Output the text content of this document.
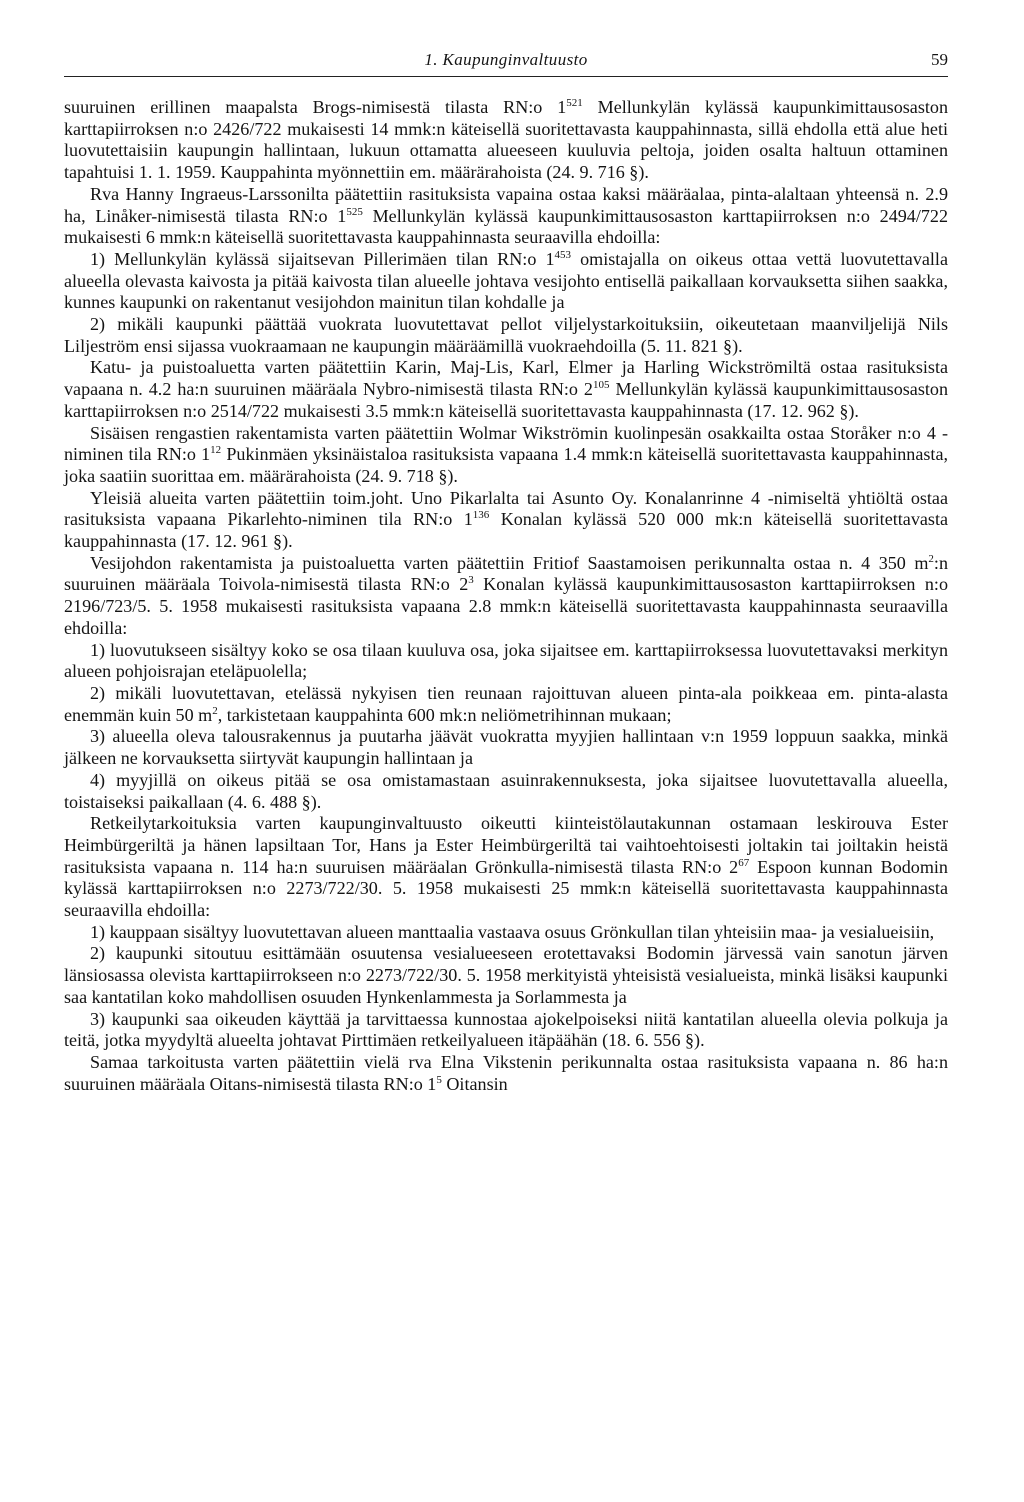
1. Kaupunginvaltuusto	59

suuruinen erillinen maapalsta Brogs-nimisestä tilasta RN:o $1^{521}$ Mellunkylän kylässä kaupunkimittausosaston karttapiirroksen n:o 2426/722 mukaisesti 14 mmk:n käteisellä suoritettavasta kauppahinnasta, sillä ehdolla että alue heti luovutettaisiin kaupungin hallintaan, lukuun ottamatta alueeseen kuuluvia peltoja, joiden osalta haltuun ottaminen tapahtuisi 1. 1. 1959. Kauppahinta myönnettiin em. määrärahoista (24. 9. 716 §).

Rva Hanny Ingraeus-Larssonilta päätettiin rasituksista vapaina ostaa kaksi määräalaa, pinta-alaltaan yhteensä n. 2.9 ha, Linåker-nimisestä tilasta RN:o $1^{525}$ Mellunkylän kylässä kaupunkimittausosaston karttapiirroksen n:o 2494/722 mukaisesti 6 mmk:n käteisellä suoritettavasta kauppahinnasta seuraavilla ehdoilla:

1) Mellunkylän kylässä sijaitsevan Pillerimäen tilan RN:o $1^{453}$ omistajalla on oikeus ottaa vettä luovutettavalla alueella olevasta kaivosta ja pitää kaivosta tilan alueelle johtava vesijohto entisellä paikallaan korvauksetta siihen saakka, kunnes kaupunki on rakentanut vesijohdon mainitun tilan kohdalle ja

2) mikäli kaupunki päättää vuokrata luovutettavat pellot viljelystarkoituksiin, oikeutetaan maanviljelijä Nils Liljeström ensi sijassa vuokraamaan ne kaupungin määräämillä vuokraehdoilla (5. 11. 821 §).

Katu- ja puistoaluetta varten päätettiin Karin, Maj-Lis, Karl, Elmer ja Harling Wickströmiltä ostaa rasituksista vapaana n. 4.2 ha:n suuruinen määräala Nybro-nimisestä tilasta RN:o $2^{105}$ Mellunkylän kylässä kaupunkimittausosaston karttapiirroksen n:o 2514/722 mukaisesti 3.5 mmk:n käteisellä suoritettavasta kauppahinnasta (17. 12. 962 §).

Sisäisen rengastien rakentamista varten päätettiin Wolmar Wikströmin kuolinpesän osakkailta ostaa Storåker n:o 4 -niminen tila RN:o $1^{12}$ Pukinmäen yksinäistaloa rasituksista vapaana 1.4 mmk:n käteisellä suoritettavasta kauppahinnasta, joka saatiin suorittaa em. määrärahoista (24. 9. 718 §).

Yleisiä alueita varten päätettiin toim.joht. Uno Pikarlalta tai Asunto Oy. Konalanrinne 4 -nimiseltä yhtiöltä ostaa rasituksista vapaana Pikarlehto-niminen tila RN:o $1^{136}$ Konalan kylässä 520 000 mk:n käteisellä suoritettavasta kauppahinnasta (17. 12. 961 §).

Vesijohdon rakentamista ja puistoaluetta varten päätettiin Fritiof Saastamoisen perikunnalta ostaa n. 4 350 $m^2:n$ suuruinen määräala Toivola-nimisestä tilasta RN:o $2^3$ Konalan kylässä kaupunkimittausosaston karttapiirroksen n:o 2196/723/5. 5. 1958 mukaisesti rasituksista vapaana 2.8 mmk:n käteisellä suoritettavasta kauppahinnasta seuraavilla ehdoilla:

1) luovutukseen sisältyy koko se osa tilaan kuuluva osa, joka sijaitsee em. karttapiirroksessa luovutettavaksi merkityn alueen pohjoisrajan eteläpuolella;

2) mikäli luovutettavan, etelässä nykyisen tien reunaan rajoittuvan alueen pinta-ala poikkeaa em. pinta-alasta enemmän kuin 50 $m^2$, tarkistetaan kauppahinta 600 mk:n neliömetrihinnan mukaan;

3) alueella oleva talousrakennus ja puutarha jäävät vuokratta myyjien hallintaan v:n 1959 loppuun saakka, minkä jälkeen ne korvauksetta siirtyvät kaupungin hallintaan ja

4) myyjillä on oikeus pitää se osa omistamastaan asuinrakennuksesta, joka sijaitsee luovutettavalla alueella, toistaiseksi paikallaan (4. 6. 488 §).

Retkeilytarkoituksia varten kaupunginvaltuusto oikeutti kiinteistölautakunnan ostamaan leskirouva Ester Heimbürgeriltä ja hänen lapsiltaan Tor, Hans ja Ester Heimbürgeriltä tai vaihtoehtoisesti joltakin tai joiltakin heistä rasituksista vapaana n. 114 ha:n suuruisen määräalan Grönkulla-nimisestä tilasta RN:o $2^{67}$ Espoon kunnan Bodomin kylässä karttapiirroksen n:o 2273/722/30. 5. 1958 mukaisesti 25 mmk:n käteisellä suoritettavasta kauppahinnasta seuraavilla ehdoilla:

1) kauppaan sisältyy luovutettavan alueen manttaalia vastaava osuus Grönkullan tilan yhteisiin maa- ja vesialueisiin,

2) kaupunki sitoutuu esittämään osuutensa vesialueeseen erotettavaksi Bodomin järvessä vain sanotun järven länsiosassa olevista karttapiirrokseen n:o 2273/722/30. 5. 1958 merkityistä yhteisistä vesialueista, minkä lisäksi kaupunki saa kantatilan koko mahdollisen osuuden Hynkenlammesta ja Sorlammesta ja

3) kaupunki saa oikeuden käyttää ja tarvittaessa kunnostaa ajokelpoiseksi niitä kantatilan alueella olevia polkuja ja teitä, jotka myydyltä alueelta johtavat Pirttimäen retkeilyalueen itäpäähän (18. 6. 556 §).

Samaa tarkoitusta varten päätettiin vielä rva Elna Vikstenin perikunnalta ostaa rasituksista vapaana n. 86 ha:n suuruinen määräala Oitans-nimisestä tilasta RN:o $1^5$ Oitansin
